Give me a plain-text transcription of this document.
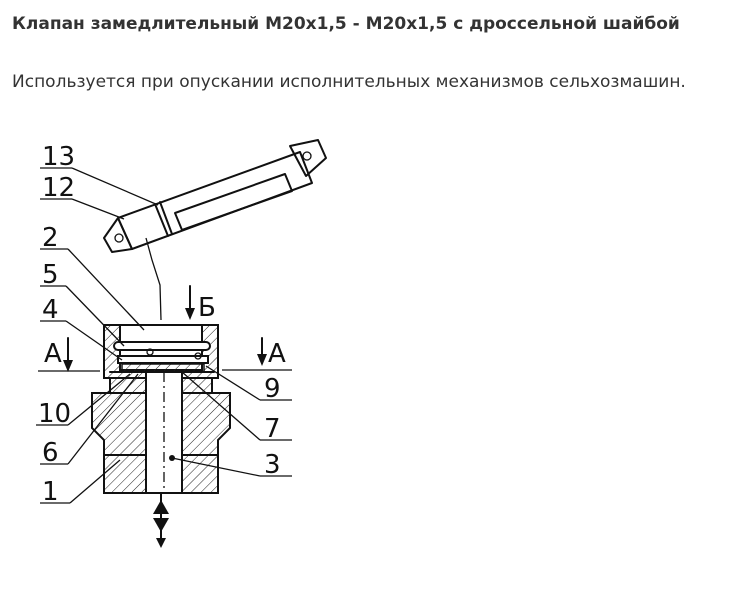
Клапан замедлительный М20х1,5 - М20х1,5 с дроссельной шайбой

Используется при опускании исполнительных механизмов сельхозмашин.

Б
A	A
13
12
2
5
4
10
6
1
9
7
3
